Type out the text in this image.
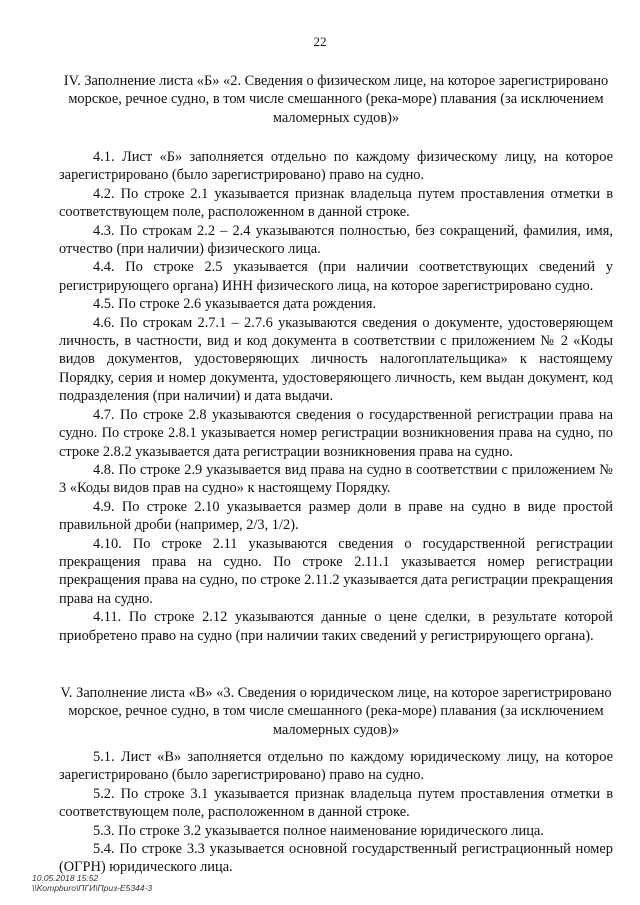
22
IV. Заполнение листа «Б» «2. Сведения о физическом лице, на которое зарегистрировано морское, речное судно, в том числе смешанного (река-море) плавания (за исключением маломерных судов)»

4.1. Лист «Б» заполняется отдельно по каждому физическому лицу, на которое зарегистрировано (было зарегистрировано) право на судно.

4.2. По строке 2.1 указывается признак владельца путем проставления отметки в соответствующем поле, расположенном в данной строке.

4.3. По строкам 2.2 – 2.4 указываются полностью, без сокращений, фамилия, имя, отчество (при наличии) физического лица.

4.4. По строке 2.5 указывается (при наличии соответствующих сведений у регистрирующего органа) ИНН физического лица, на которое зарегистрировано судно.

4.5. По строке 2.6 указывается дата рождения.

4.6. По строкам 2.7.1 – 2.7.6 указываются сведения о документе, удостоверяющем личность, в частности, вид и код документа в соответствии с приложением № 2 «Коды видов документов, удостоверяющих личность налогоплательщика» к настоящему Порядку, серия и номер документа, удостоверяющего личность, кем выдан документ, код подразделения (при наличии) и дата выдачи.

4.7. По строке 2.8 указываются сведения о государственной регистрации права на судно. По строке 2.8.1 указывается номер регистрации возникновения права на судно, по строке 2.8.2 указывается дата регистрации возникновения права на судно.

4.8. По строке 2.9 указывается вид права на судно в соответствии с приложением № 3 «Коды видов прав на судно» к настоящему Порядку.

4.9. По строке 2.10 указывается размер доли в праве на судно в виде простой правильной дроби (например, 2/3, 1/2).

4.10. По строке 2.11 указываются сведения о государственной регистрации прекращения права на судно. По строке 2.11.1 указывается номер регистрации прекращения права на судно, по строке 2.11.2 указывается дата регистрации прекращения права на судно.

4.11. По строке 2.12 указываются данные о цене сделки, в результате которой приобретено право на судно (при наличии таких сведений у регистрирующего органа).

V. Заполнение листа «В» «3. Сведения о юридическом лице, на которое зарегистрировано морское, речное судно, в том числе смешанного (река-море) плавания (за исключением маломерных судов)»

5.1. Лист «В» заполняется отдельно по каждому юридическому лицу, на которое зарегистрировано (было зарегистрировано) право на судно.

5.2. По строке 3.1 указывается признак владельца путем проставления отметки в соответствующем поле, расположенном в данной строке.

5.3. По строке 3.2 указывается полное наименование юридического лица.

5.4. По строке 3.3 указывается основной государственный регистрационный номер (ОГРН) юридического лица.

10.05.2018 15:52
\\Kompburo\ПГИ\Приз-E5344-3
